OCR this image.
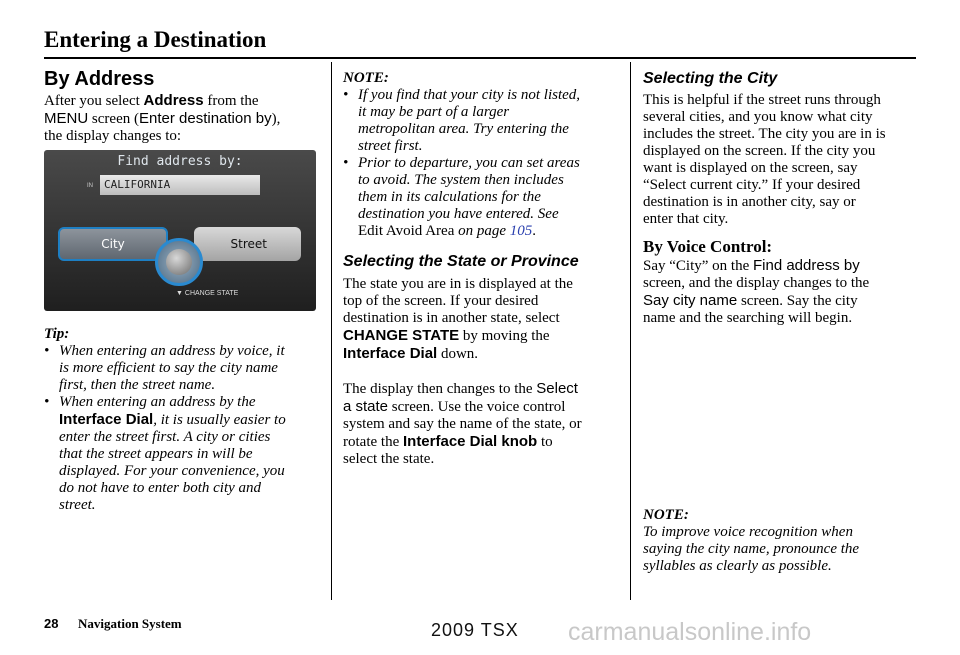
Entering a Destination

By Address

After you select Address from the
MENU screen (Enter destination by),
the display changes to:

Find address by:
IN	CALIFORNIA
City	Street
▼ CHANGE STATE

Tip:

• When entering an address by voice, it
is more efficient to say the city name
first, then the street name.

• When entering an address by the
Interface Dial, it is usually easier to
enter the street first. A city or cities
that the street appears in will be
displayed. For your convenience, you
do not have to enter both city and
street.

NOTE:

• If you find that your city is not listed,
it may be part of a larger
metropolitan area. Try entering the
street first.

• Prior to departure, you can set areas
to avoid. The system then includes
them in its calculations for the
destination you have entered. See
Edit Avoid Area on page 105.

Selecting the State or Province

The state you are in is displayed at the
top of the screen. If your desired
destination is in another state, select
CHANGE STATE by moving the
Interface Dial down.

The display then changes to the Select
a state screen. Use the voice control
system and say the name of the state, or
rotate the Interface Dial knob to
select the state.

Selecting the City

This is helpful if the street runs through
several cities, and you know what city
includes the street. The city you are in is
displayed on the screen. If the city you
want is displayed on the screen, say
“Select current city.” If your desired
destination is in another city, say or
enter that city.

By Voice Control:

Say “City” on the Find address by
screen, and the display changes to the
Say city name screen. Say the city
name and the searching will begin.

NOTE:

To improve voice recognition when
saying the city name, pronounce the
syllables as clearly as possible.

28 Navigation System	2009 TSX carmanualsonline.info
